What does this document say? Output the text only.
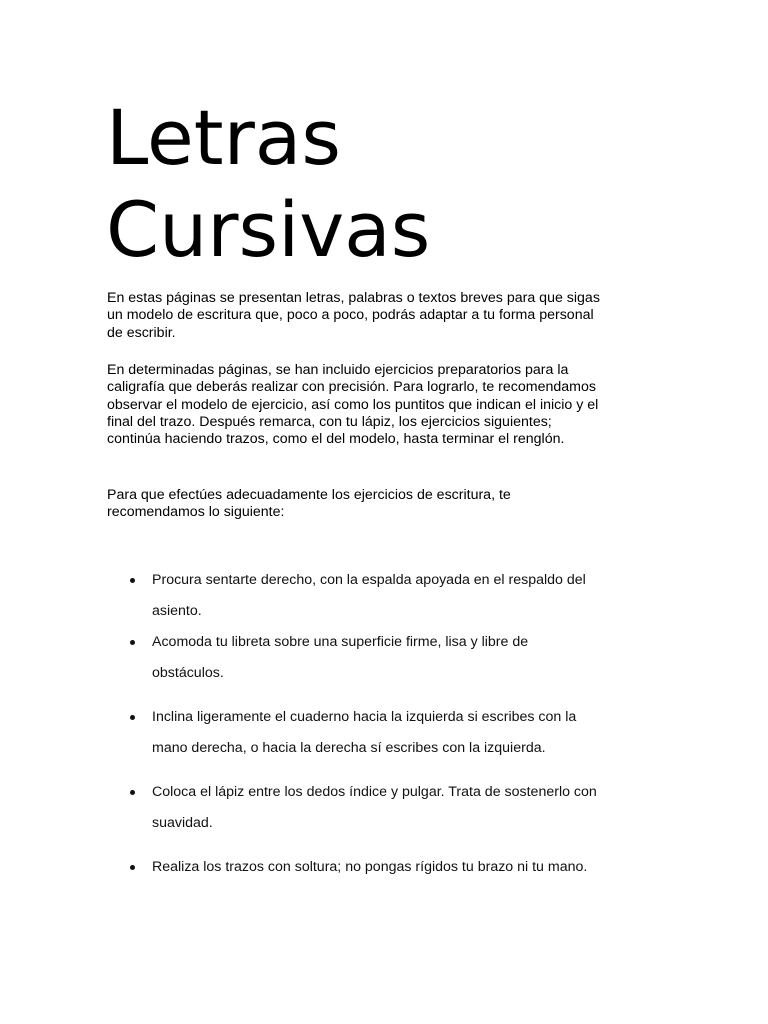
Letras
Cursivas

En estas páginas se presentan letras, palabras o textos breves para que sigas un modelo de escritura que, poco a poco, podrás adaptar a tu forma personal de escribir.

En determinadas páginas, se han incluido ejercicios preparatorios para la caligrafía que deberás realizar con precisión. Para lograrlo, te recomendamos observar el modelo de ejercicio, así como los puntitos que indican el inicio y el final del trazo. Después remarca, con tu lápiz, los ejercicios siguientes; continúa haciendo trazos, como el del modelo, hasta terminar el renglón.

Para que efectúes adecuadamente los ejercicios de escritura, te recomendamos lo siguiente:

Procura sentarte derecho, con la espalda apoyada en el respaldo del asiento.
Acomoda tu libreta sobre una superficie firme, lisa y libre de obstáculos.
Inclina ligeramente el cuaderno hacia la izquierda si escribes con la mano derecha, o hacia la derecha sí escribes con la izquierda.
Coloca el lápiz entre los dedos índice y pulgar. Trata de sostenerlo con suavidad.
Realiza los trazos con soltura; no pongas rígidos tu brazo ni tu mano.
